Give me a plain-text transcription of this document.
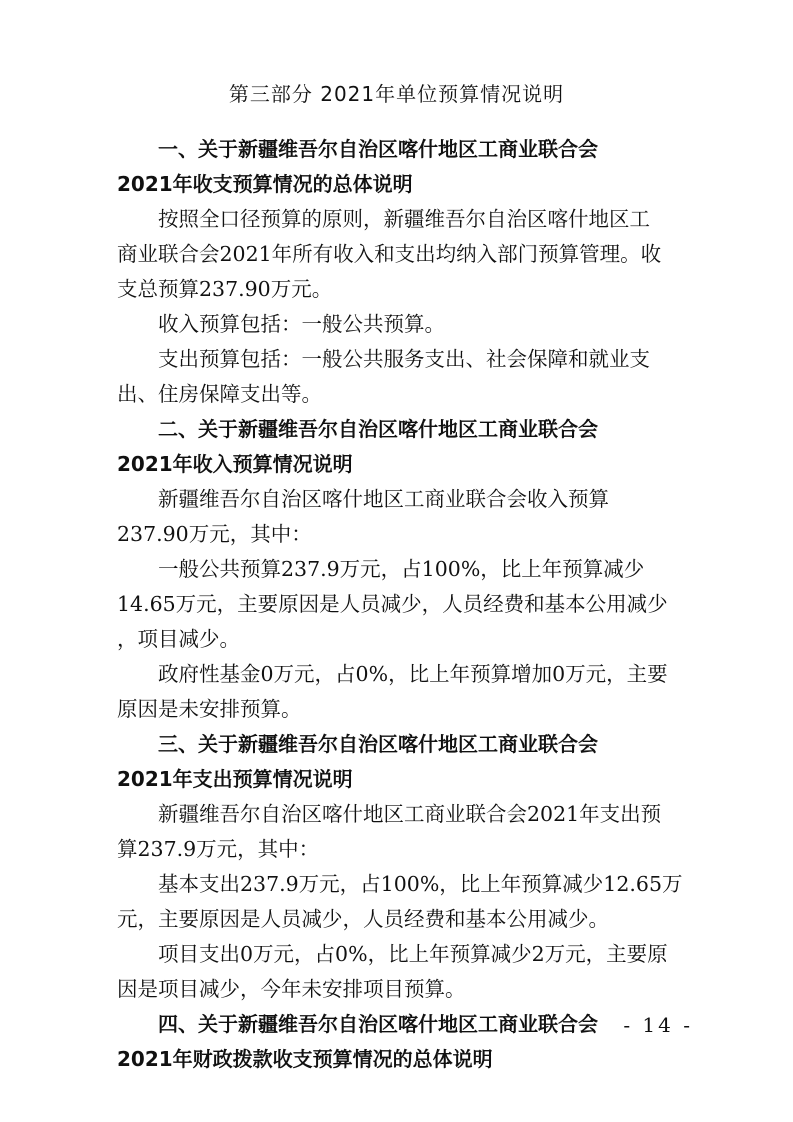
第三部分 2021年单位预算情况说明
一、关于新疆维吾尔自治区喀什地区工商业联合会
2021年收支预算情况的总体说明
按照全口径预算的原则，新疆维吾尔自治区喀什地区工
商业联合会2021年所有收入和支出均纳入部门预算管理。收
支总预算237.90万元。
收入预算包括：一般公共预算。
支出预算包括：一般公共服务支出、社会保障和就业支
出、住房保障支出等。
二、关于新疆维吾尔自治区喀什地区工商业联合会
2021年收入预算情况说明
新疆维吾尔自治区喀什地区工商业联合会收入预算
237.90万元，其中：
一般公共预算237.9万元，占100%，比上年预算减少
14.65万元，主要原因是人员减少，人员经费和基本公用减少
，项目减少。
政府性基金0万元，占0%，比上年预算增加0万元，主要
原因是未安排预算。
三、关于新疆维吾尔自治区喀什地区工商业联合会
2021年支出预算情况说明
新疆维吾尔自治区喀什地区工商业联合会2021年支出预
算237.9万元，其中：
基本支出237.9万元，占100%，比上年预算减少12.65万
元，主要原因是人员减少，人员经费和基本公用减少。
项目支出0万元，占0%，比上年预算减少2万元，主要原
因是项目减少，今年未安排项目预算。
四、关于新疆维吾尔自治区喀什地区工商业联合会
2021年财政拨款收支预算情况的总体说明
- 14 -
